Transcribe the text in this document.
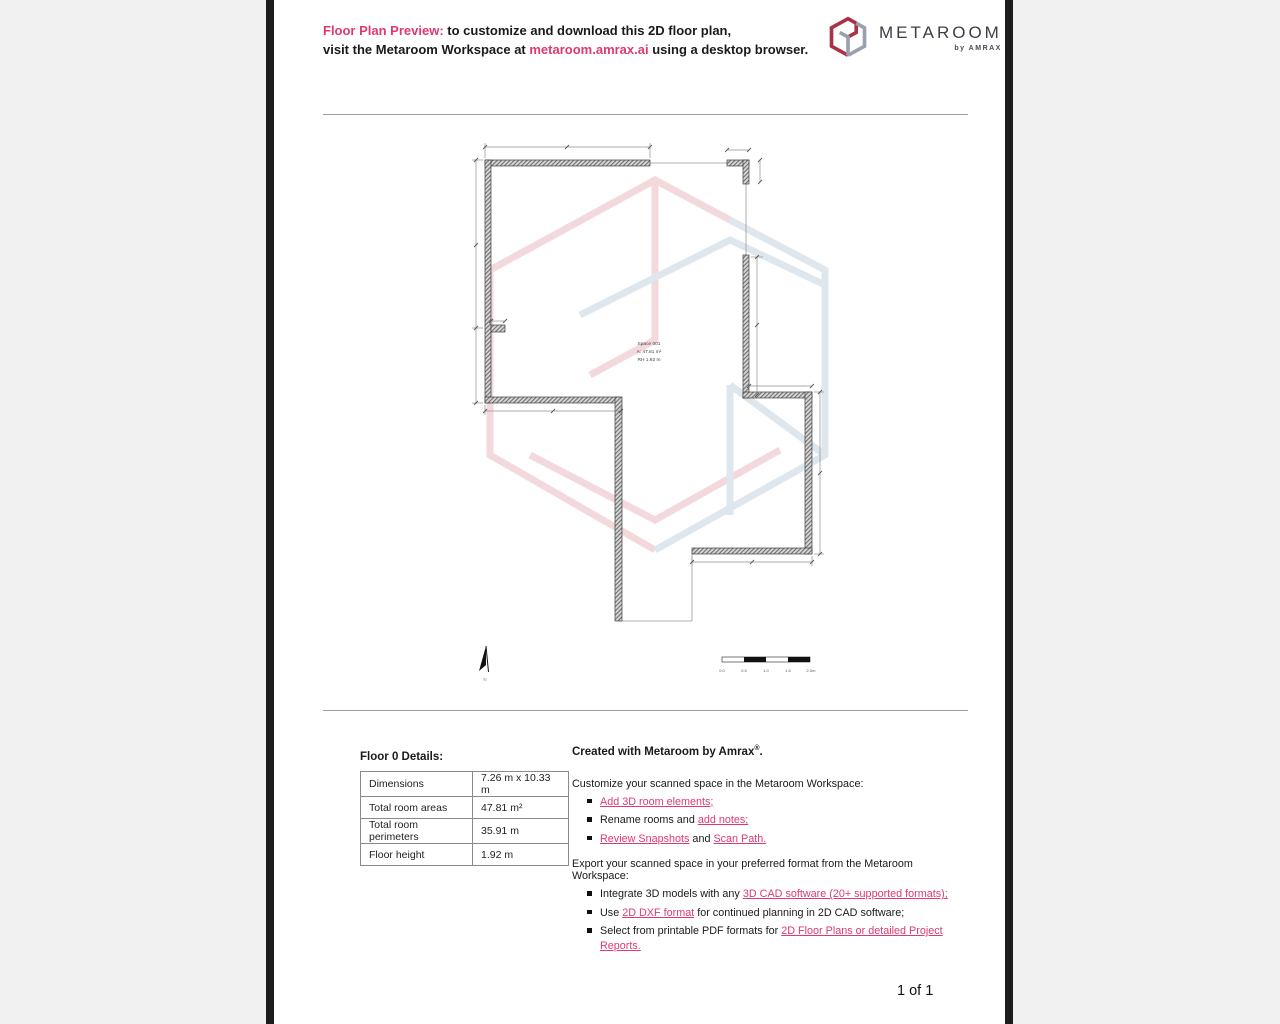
Floor Plan Preview: to customize and download this 2D floor plan,
visit the Metaroom Workspace at metaroom.amrax.ai using a desktop browser.
METAROOM
by AMRAX
Space 001
A: 47.81 m²
RH 1.92 m
N
0.0	0.5	1.0	1.5	2.0m
Floor 0 Details:
Dimensions	7.26 m x 10.33 m
Total room areas	47.81 m²
Total room perimeters	35.91 m
Floor height	1.92 m
Created with Metaroom by Amrax®.
Customize your scanned space in the Metaroom Workspace:
Add 3D room elements;
Rename rooms and add notes;
Review Snapshots and Scan Path.
Export your scanned space in your preferred format from the Metaroom Workspace:
Integrate 3D models with any 3D CAD software (20+ supported formats);
Use 2D DXF format for continued planning in 2D CAD software;
Select from printable PDF formats for 2D Floor Plans or detailed Project Reports.
1 of 1
